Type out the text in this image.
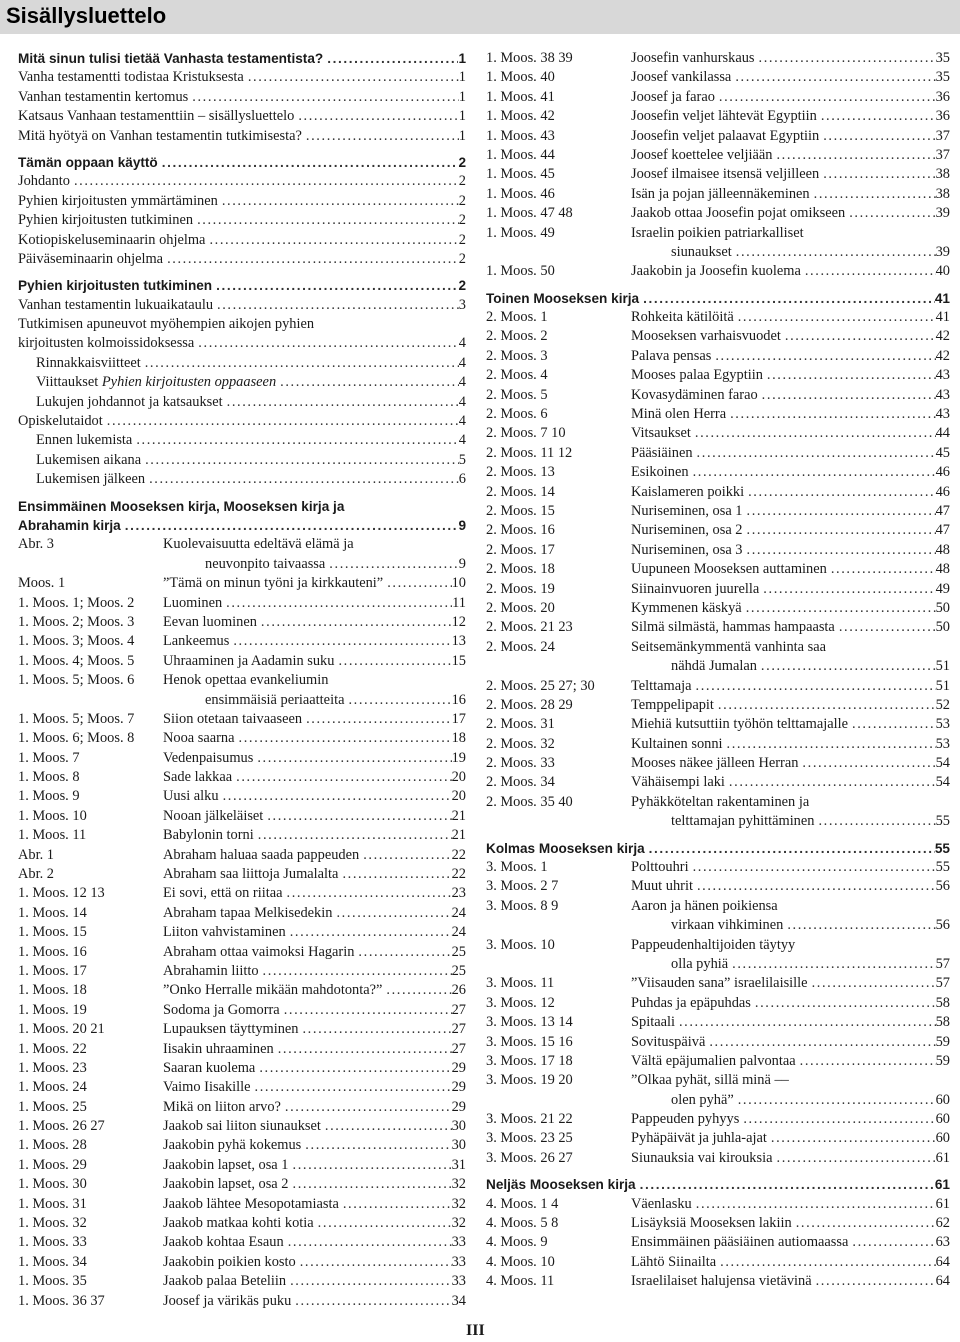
Sisällysluettelo
Mitä sinun tulisi tietää Vanhasta testamentista? .....	1
Vanha testamentti todistaa Kristuksesta .....	1
Vanhan testamentin kertomus .....	1
Katsaus Vanhaan testamenttiin – sisällysluettelo .....	1
Mitä hyötyä on Vanhan testamentin tutkimisesta? .....	1
Tämän oppaan käyttö .....	2
Johdanto .....	2
Pyhien kirjoitusten ymmärtäminen .....	2
Pyhien kirjoitusten tutkiminen .....	2
Kotiopiskeluseminaarin ohjelma .....	2
Päiväseminaarin ohjelma .....	2
Pyhien kirjoitusten tutkiminen .....	2
Vanhan testamentin lukuaikataulu .....	3
Tutkimisen apuneuvot myöhempien aikojen pyhien
kirjoitusten kolmoissidoksessa .....	4
Rinnakkaisviitteet .....	4
Viittaukset Pyhien kirjoitusten oppaaseen .....	4
Lukujen johdannot ja katsaukset .....	4
Opiskelutaidot .....	4
Ennen lukemista .....	4
Lukemisen aikana .....	5
Lukemisen jälkeen .....	6
Ensimmäinen Mooseksen kirja, Mooseksen kirja ja
Abrahamin kirja .....	9
Abr. 3	Kuolevaisuutta edeltävä elämä ja
neuvonpito taivaassa .....	9
Moos. 1	”Tämä on minun työni ja kirkkauteni” .....	10
1. Moos. 1; Moos. 2	Luominen .....	11
1. Moos. 2; Moos. 3	Eevan luominen .....	12
1. Moos. 3; Moos. 4	Lankeemus .....	13
1. Moos. 4; Moos. 5	Uhraaminen ja Aadamin suku .....	15
1. Moos. 5; Moos. 6	Henok opettaa evankeliumin
ensimmäisiä periaatteita .....	16
1. Moos. 5; Moos. 7	Siion otetaan taivaaseen .....	17
1. Moos. 6; Moos. 8	Nooa saarna .....	18
1. Moos. 7	Vedenpaisumus .....	19
1. Moos. 8	Sade lakkaa .....	20
1. Moos. 9	Uusi alku .....	20
1. Moos. 10	Nooan jälkeläiset .....	21
1. Moos. 11	Babylonin torni .....	21
Abr. 1	Abraham haluaa saada pappeuden .....	22
Abr. 2	Abraham saa liittoja Jumalalta .....	22
1. Moos. 12 13	Ei sovi, että on riitaa .....	23
1. Moos. 14	Abraham tapaa Melkisedekin .....	24
1. Moos. 15	Liiton vahvistaminen .....	24
1. Moos. 16	Abraham ottaa vaimoksi Hagarin .....	25
1. Moos. 17	Abrahamin liitto .....	25
1. Moos. 18	”Onko Herralle mikään mahdotonta?” .....	26
1. Moos. 19	Sodoma ja Gomorra .....	27
1. Moos. 20 21	Lupauksen täyttyminen .....	27
1. Moos. 22	Iisakin uhraaminen .....	27
1. Moos. 23	Saaran kuolema .....	29
1. Moos. 24	Vaimo Iisakille .....	29
1. Moos. 25	Mikä on liiton arvo? .....	29
1. Moos. 26 27	Jaakob sai liiton siunaukset .....	30
1. Moos. 28	Jaakobin pyhä kokemus .....	30
1. Moos. 29	Jaakobin lapset, osa 1 .....	31
1. Moos. 30	Jaakobin lapset, osa 2 .....	32
1. Moos. 31	Jaakob lähtee Mesopotamiasta .....	32
1. Moos. 32	Jaakob matkaa kohti kotia .....	32
1. Moos. 33	Jaakob kohtaa Esaun .....	33
1. Moos. 34	Jaakobin poikien kosto .....	33
1. Moos. 35	Jaakob palaa Beteliin .....	33
1. Moos. 36 37	Joosef ja värikäs puku .....	34
1. Moos. 38 39	Joosefin vanhurskaus .....	35
1. Moos. 40	Joosef vankilassa .....	35
1. Moos. 41	Joosef ja farao .....	36
1. Moos. 42	Joosefin veljet lähtevät Egyptiin .....	36
1. Moos. 43	Joosefin veljet palaavat Egyptiin .....	37
1. Moos. 44	Joosef koettelee veljiään .....	37
1. Moos. 45	Joosef ilmaisee itsensä veljilleen .....	38
1. Moos. 46	Isän ja pojan jälleennäkeminen .....	38
1. Moos. 47 48	Jaakob ottaa Joosefin pojat omikseen .....	39
1. Moos. 49	Israelin poikien patriarkalliset
siunaukset .....	39
1. Moos. 50	Jaakobin ja Joosefin kuolema .....	40
Toinen Mooseksen kirja .....	41
2. Moos. 1	Rohkeita kätilöitä .....	41
2. Moos. 2	Mooseksen varhaisvuodet .....	42
2. Moos. 3	Palava pensas .....	42
2. Moos. 4	Mooses palaa Egyptiin .....	43
2. Moos. 5	Kovasydäminen farao .....	43
2. Moos. 6	Minä olen Herra .....	43
2. Moos. 7 10	Vitsaukset .....	44
2. Moos. 11 12	Pääsiäinen .....	45
2. Moos. 13	Esikoinen .....	46
2. Moos. 14	Kaislameren poikki .....	46
2. Moos. 15	Nuriseminen, osa 1 .....	47
2. Moos. 16	Nuriseminen, osa 2 .....	47
2. Moos. 17	Nuriseminen, osa 3 .....	48
2. Moos. 18	Uupuneen Mooseksen auttaminen .....	48
2. Moos. 19	Siinainvuoren juurella .....	49
2. Moos. 20	Kymmenen käskyä .....	50
2. Moos. 21 23	Silmä silmästä, hammas hampaasta .....	50
2. Moos. 24	Seitsemänkymmentä vanhinta saa
nähdä Jumalan .....	51
2. Moos. 25 27; 30	Telttamaja .....	51
2. Moos. 28 29	Temppelipapit .....	52
2. Moos. 31	Miehiä kutsuttiin työhön telttamajalle .....	53
2. Moos. 32	Kultainen sonni .....	53
2. Moos. 33	Mooses näkee jälleen Herran .....	54
2. Moos. 34	Vähäisempi laki .....	54
2. Moos. 35 40	Pyhäkköteltan rakentaminen ja
telttamajan pyhittäminen .....	55
Kolmas Mooseksen kirja .....	55
3. Moos. 1	Polttouhri .....	55
3. Moos. 2 7	Muut uhrit .....	56
3. Moos. 8 9	Aaron ja hänen poikiensa
virkaan vihkiminen .....	56
3. Moos. 10	Pappeudenhaltijoiden täytyy
olla pyhiä .....	57
3. Moos. 11	”Viisauden sana” israelilaisille .....	57
3. Moos. 12	Puhdas ja epäpuhdas .....	58
3. Moos. 13 14	Spitaali .....	58
3. Moos. 15 16	Sovituspäivä .....	59
3. Moos. 17 18	Vältä epäjumalien palvontaa .....	59
3. Moos. 19 20	”Olkaa pyhät, sillä minä ––
olen pyhä” .....	60
3. Moos. 21 22	Pappeuden pyhyys .....	60
3. Moos. 23 25	Pyhäpäivät ja juhla-ajat .....	60
3. Moos. 26 27	Siunauksia vai kirouksia .....	61
Neljäs Mooseksen kirja .....	61
4. Moos. 1 4	Väenlasku .....	61
4. Moos. 5 8	Lisäyksiä Mooseksen lakiin .....	62
4. Moos. 9	Ensimmäinen pääsiäinen autiomaassa .....	63
4. Moos. 10	Lähtö Siinailta .....	64
4. Moos. 11	Israelilaiset halujensa vietävinä .....	64
III
